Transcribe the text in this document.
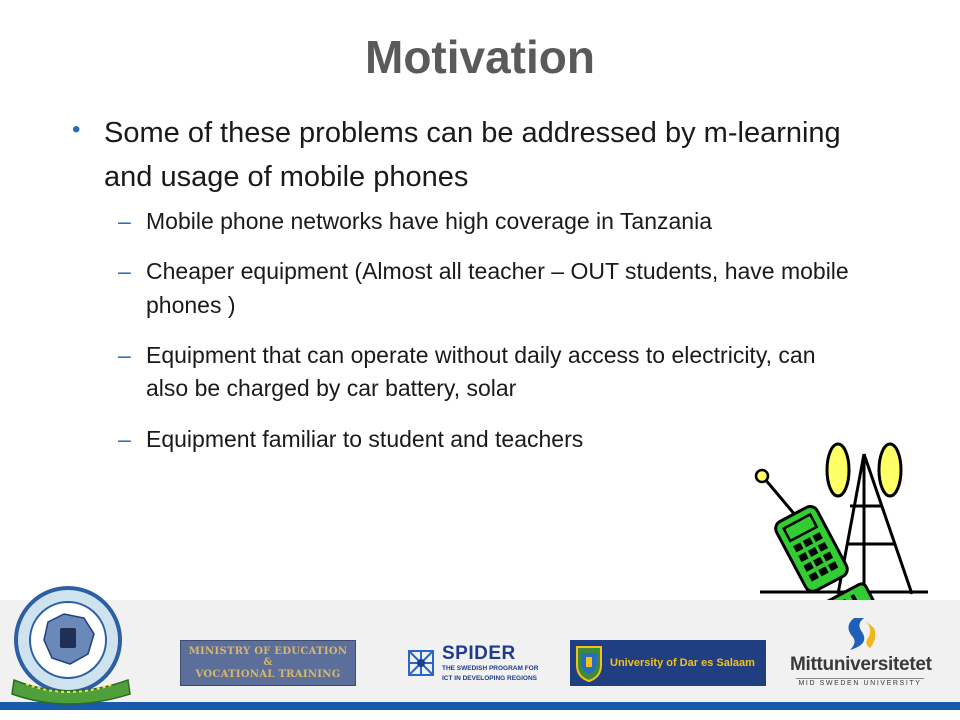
Motivation
• Some of these problems can be addressed by m-learning and usage of mobile phones
– Mobile phone networks have high coverage in Tanzania
– Cheaper equipment (Almost all teacher – OUT students, have mobile phones )
– Equipment that can operate without daily access to electricity, can also be charged by car battery, solar
– Equipment familiar to student and teachers
MINISTRY OF EDUCATION
&
VOCATIONAL TRAINING
SPIDER
THE SWEDISH PROGRAM FOR
ICT IN DEVELOPING REGIONS
University of Dar es Salaam Mittuniversitetet
MID SWEDEN UNIVERSITY
